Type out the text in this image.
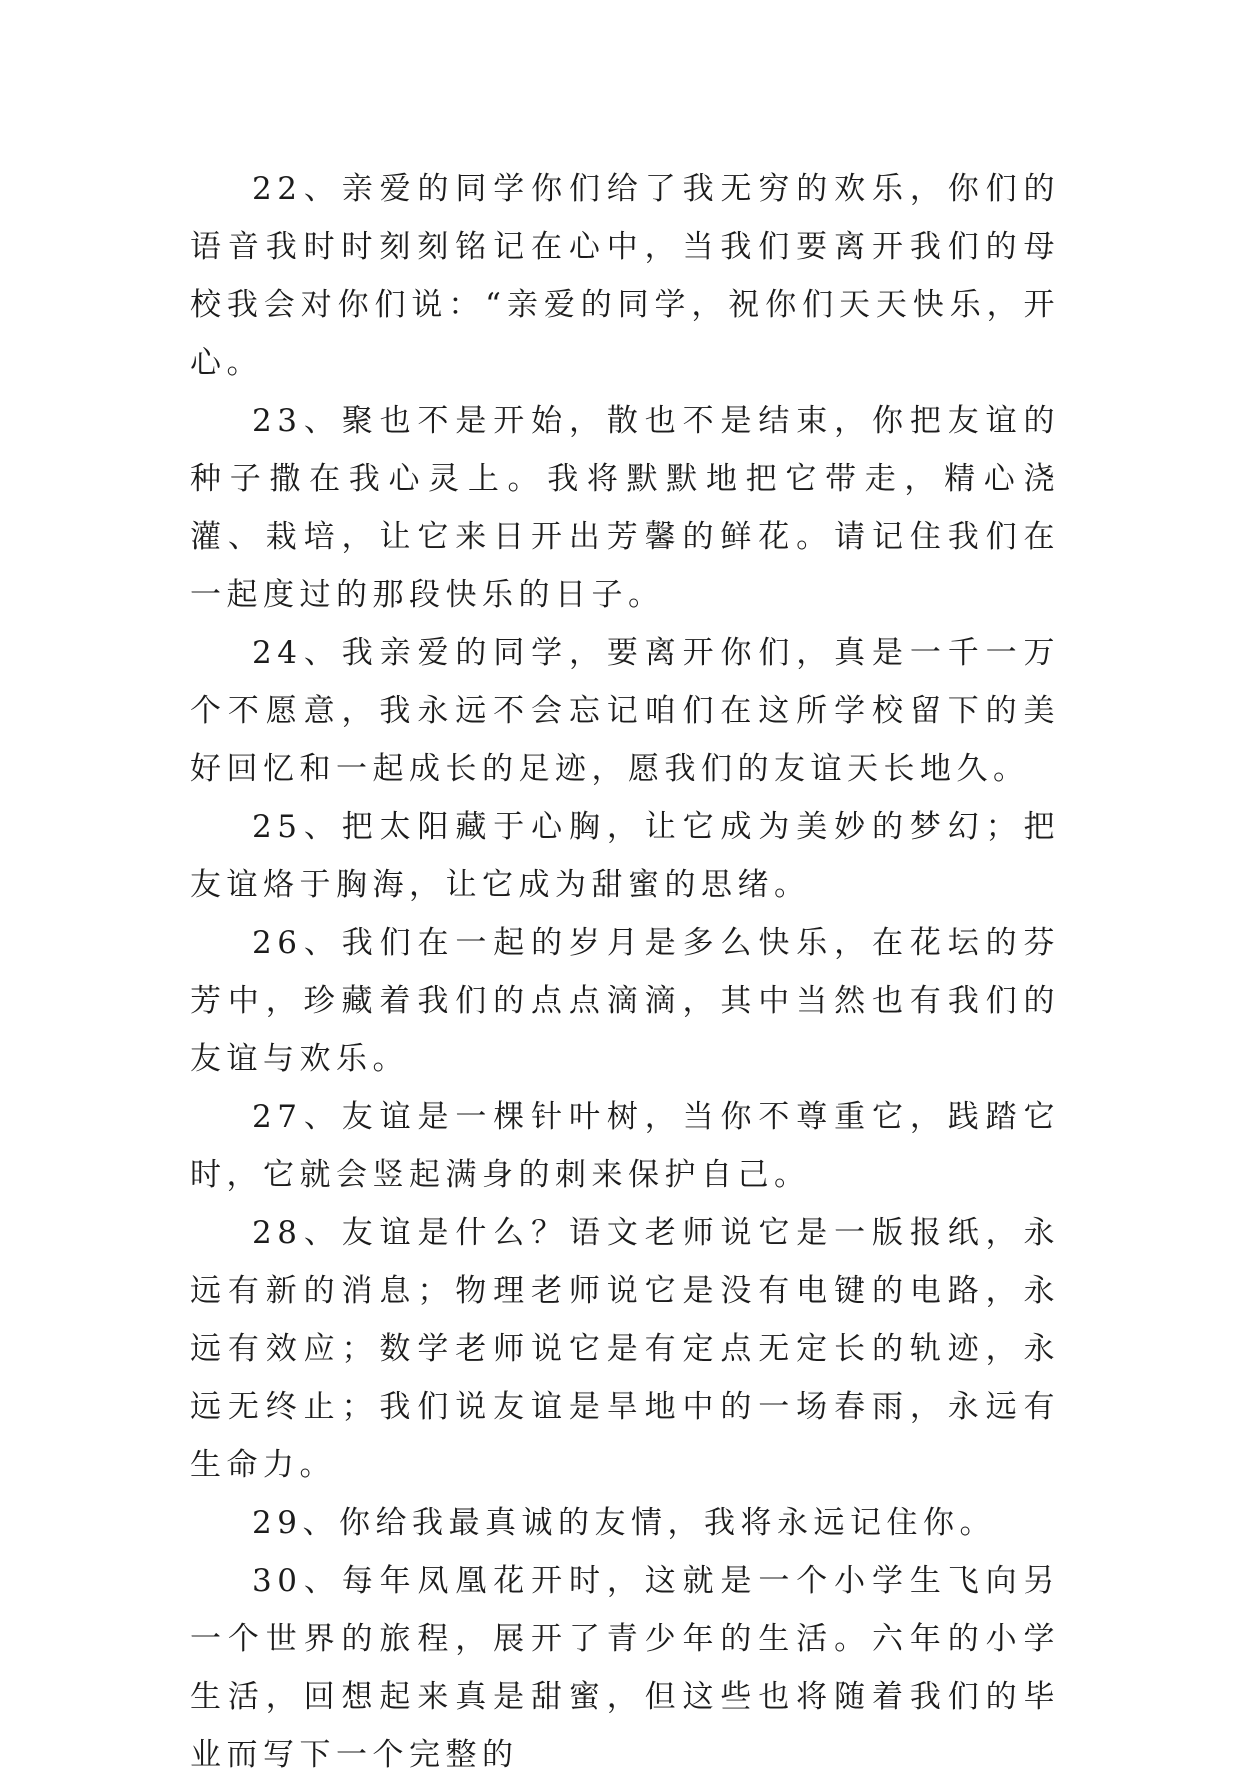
22、亲爱的同学你们给了我无穷的欢乐，你们的语音我时时刻刻铭记在心中，当我们要离开我们的母校我会对你们说：“亲爱的同学，祝你们天天快乐，开心。

23、聚也不是开始，散也不是结束，你把友谊的种子撒在我心灵上。我将默默地把它带走，精心浇灌、栽培，让它来日开出芳馨的鲜花。请记住我们在一起度过的那段快乐的日子。

24、我亲爱的同学，要离开你们，真是一千一万个不愿意，我永远不会忘记咱们在这所学校留下的美好回忆和一起成长的足迹，愿我们的友谊天长地久。

25、把太阳藏于心胸，让它成为美妙的梦幻；把友谊烙于胸海，让它成为甜蜜的思绪。

26、我们在一起的岁月是多么快乐，在花坛的芬芳中，珍藏着我们的点点滴滴，其中当然也有我们的友谊与欢乐。

27、友谊是一棵针叶树，当你不尊重它，践踏它时，它就会竖起满身的刺来保护自己。

28、友谊是什么？语文老师说它是一版报纸，永远有新的消息；物理老师说它是没有电键的电路，永远有效应；数学老师说它是有定点无定长的轨迹，永远无终止；我们说友谊是旱地中的一场春雨，永远有生命力。

29、你给我最真诚的友情，我将永远记住你。

30、每年凤凰花开时，这就是一个小学生飞向另一个世界的旅程，展开了青少年的生活。六年的小学生活，回想起来真是甜蜜，但这些也将随着我们的毕业而写下一个完整的
